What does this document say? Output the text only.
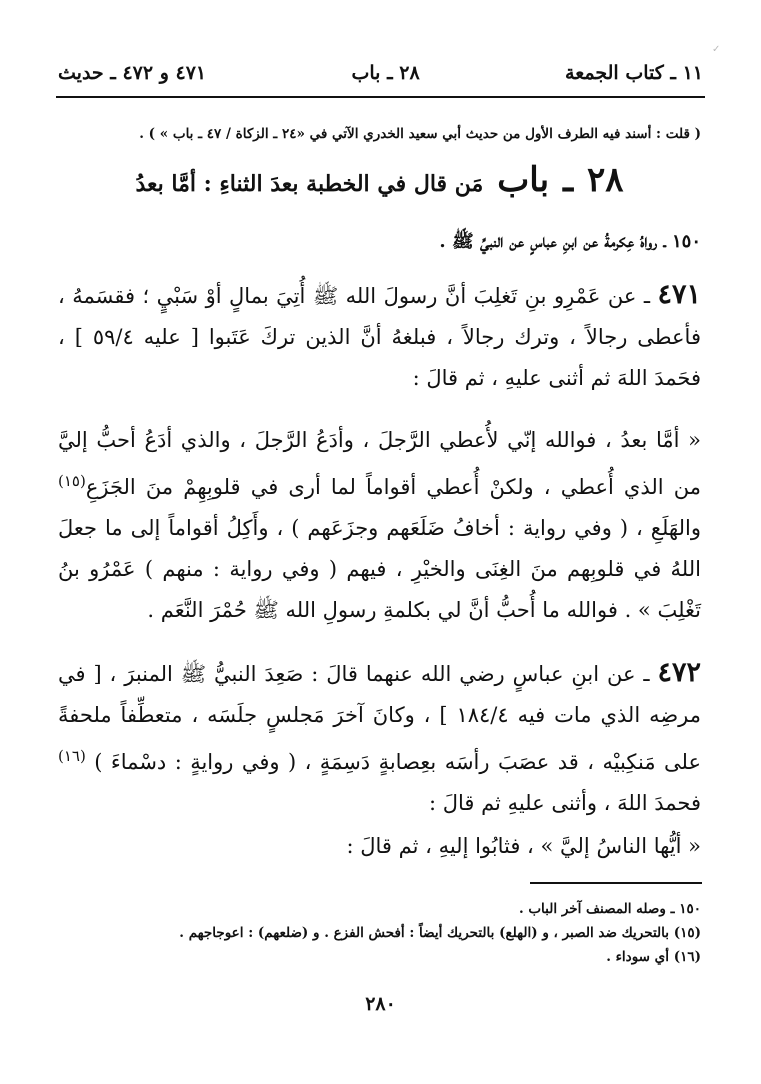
✓
١١ ـ كتاب الجمعة
٢٨ ـ باب
٤٧١ و ٤٧٢ ـ حديث
( قلت : أسند فيه الطرف الأول من حديث أبي سعيد الخدري الآتي في «٢٤ ـ الزكاة / ٤٧ ـ باب » ) .
٢٨
ـ
باب
مَن قال في الخطبة بعدَ الثناءِ : أمَّا بعدُ
١٥٠ ـ رواهُ عِكرمةُ عن ابنِ عباسٍ عن النبيِّ ﷺ .
٤٧١ ـ عن عَمْرِو بنِ تَغلِبَ أنَّ رسولَ الله ﷺ أُتِيَ بمالٍ أوْ سَبْيٍ ؛ فقسَمهُ ، فأعطى رجالاً ، وترك رجالاً ، فبلغهُ أنَّ الذين تركَ عَتَبوا [ عليه ٥٩/٤ ] ، فحَمدَ اللهَ ثم أثنى عليهِ ، ثم قالَ :
« أمَّا بعدُ ، فوالله إنّي لأُعطي الرَّجلَ ، وأدَعُ الرَّجلَ ، والذي أدَعُ أحبُّ إليَّ من الذي أُعطي ، ولكنْ أُعطي أقواماً لما أرى في قلوبِهِمْ منَ الجَزَعِ$^{(١٥)}$ والهَلَعِ ، ( وفي رواية : أخافُ ضَلَعَهم وجزَعَهم ) ، وأَكِلُ أقواماً إلى ما جعلَ اللهُ في قلوبِهم منَ الغِنَى والخيْرِ ، فيهم ( وفي رواية : منهم ) عَمْرُو بنُ تَغْلِبَ » . فوالله ما أُحبُّ أنَّ لي بكلمةِ رسولِ الله ﷺ حُمْرَ النَّعَم .
٤٧٢ ـ عن ابنِ عباسٍ رضي الله عنهما قالَ : صَعِدَ النبيُّ ﷺ المنبرَ ، [ في مرضِه الذي مات فيه ١٨٤/٤ ] ، وكانَ آخرَ مَجلسٍ جلَسَه ، متعطِّفاً ملحفةً على مَنكِبيْه ، قد عصَبَ رأسَه بعِصابةٍ دَسِمَةٍ ، ( وفي روايةٍ : دسْماءَ ) $^{(١٦)}$ فحمدَ اللهَ ، وأثنى عليهِ ثم قالَ :
« أيُّها الناسُ إليَّ » ، فثابُوا إليهِ ، ثم قالَ :
١٥٠ ـ وصله المصنف آخر الباب .
(١٥) بالتحريك ضد الصبر ، و (الهلع) بالتحريك أيضاً : أفحش الفزع . و (ضلعهم) : اعوجاجهم .
(١٦) أي سوداء .
٢٨٠
